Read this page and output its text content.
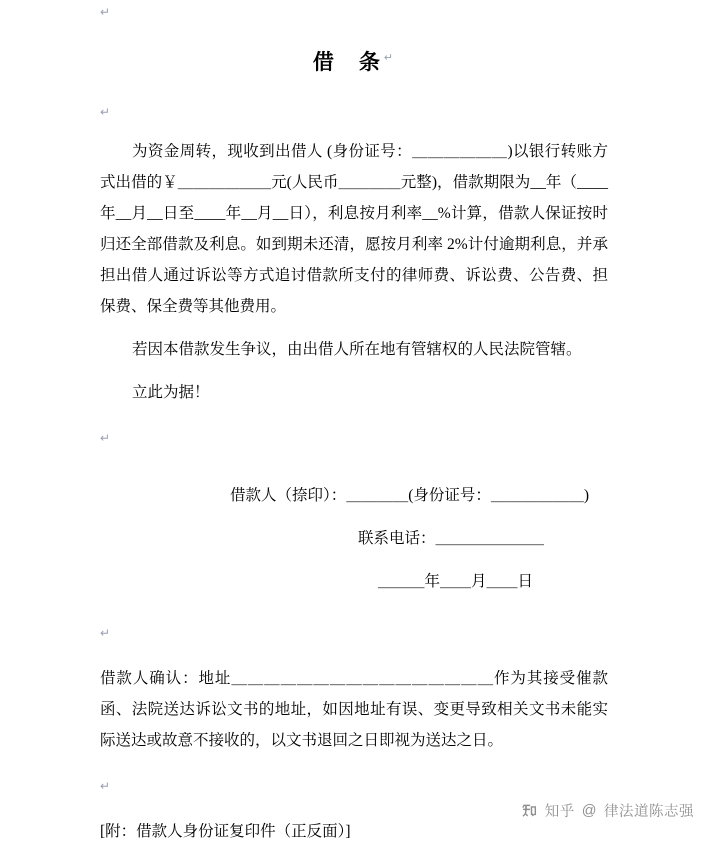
↵
借　条 ↵
↵

为资金周转，现收到出借人 (身份证号：＿＿＿＿＿＿)以银行转账方式出借的￥＿＿＿＿＿＿元(人民币＿＿＿＿元整)，借款期限为__年（____年__月__日至____年__月__日），利息按月利率__%计算，借款人保证按时归还全部借款及利息。如到期未还清，愿按月利率 2%计付逾期利息，并承担出借人通过诉讼等方式追讨借款所支付的律师费、诉讼费、公告费、担保费、保全费等其他费用。

若因本借款发生争议，由出借人所在地有管辖权的人民法院管辖。

立此为据！

↵

借款人（捺印）：＿＿＿＿(身份证号：＿＿＿＿＿＿)

联系电话：＿＿＿＿＿＿＿

＿＿＿年＿＿月＿＿日

↵

借款人确认：地址＿＿＿＿＿＿＿＿＿＿＿＿＿＿＿＿作为其接受催款函、法院送达诉讼文书的地址，如因地址有误、变更导致相关文书未能实际送达或故意不接收的，以文书退回之日即视为送达之日。

↵

[附：借款人身份证复印件（正反面）]

知乎 @ 律法道陈志强
